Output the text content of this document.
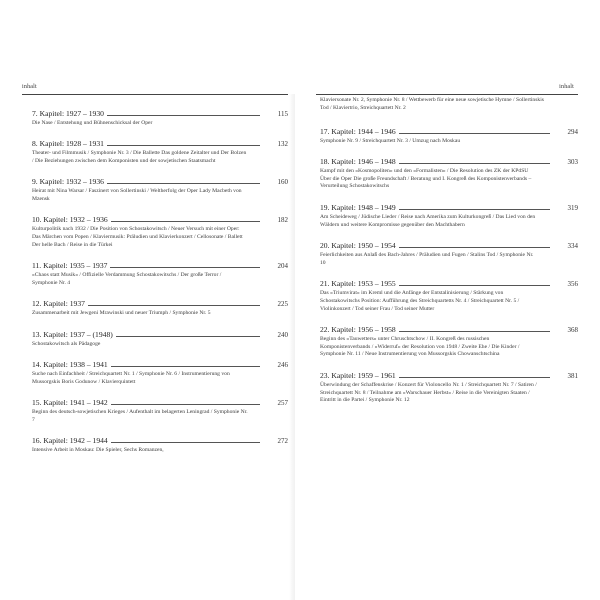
inhalt
7. Kapitel: 1927 – 1930	115
Die Nase / Entstehung und Bühnenschicksal der Oper
8. Kapitel: 1928 – 1931	132
Theater- und Filmmusik / Symphonie Nr. 3 / Die Ballette Das goldene Zeitalter und Der Bolzen / Die Beziehungen zwischen dem Komponisten und der sowjetischen Staatsmacht
9. Kapitel: 1932 – 1936	160
Heirat mit Nina Warsar / Faszinert von Sollertinski / Weltherfolg der Oper Lady Macbeth von Mzensk
10. Kapitel: 1932 – 1936	182
Kulturpolitik nach 1932 / Die Position von Schostakowitsch / Neuer Versuch mit einer Oper: Das Märchen vom Popen / Klaviermusik: Präludien und Klavierkonzert / Cellosonate / Ballett Der helle Bach / Reise in die Türkei
11. Kapitel: 1935 – 1937	204
»Chaos statt Musik« / Offizielle Verdammung Schostakowitschs / Der große Terror / Symphonie Nr. 4
12. Kapitel: 1937	225
Zusammenarbeit mit Jewgeni Mrawinski und neuer Triumph / Symphonie Nr. 5
13. Kapitel: 1937 – (1948)	240
Schostakowitsch als Pädagoge
14. Kapitel: 1938 – 1941	246
Suche nach Einfachheit / Streichquartett Nr. 1 / Symphonie Nr. 6 / Instrumentierung von Mussorgskis Boris Godunow / Klavierquintett
15. Kapitel: 1941 – 1942	257
Beginn des deutsch-sowjetischen Krieges / Aufenthalt im belagerten Leningrad / Symphonie Nr. 7
16. Kapitel: 1942 – 1944	272
Intensive Arbeit in Moskau: Die Spieler, Sechs Romanzen,
inhalt
Klaviersonate Nr. 2, Symphonie Nr. 8 / Wettbewerb für eine neue sowjetische Hymne / Sollertinskis Tod / Klaviertrio, Streichquartett Nr. 2
17. Kapitel: 1944 – 1946	294
Symphonie Nr. 9 / Streichquartett Nr. 3 / Umzug nach Moskau
18. Kapitel: 1946 – 1948	303
Kampf mit den »Kosmopoliten« und den »Formalisten« / Die Resolution des ZK der KPdSU Über die Oper Die große Freundschaft / Beratung und I. Kongreß des Komponistenverbands – Verurteilung Schostakowitschs
19. Kapitel: 1948 – 1949	319
Am Scheideweg / Jüdische Lieder / Reise nach Amerika zum Kulturkongreß / Das Lied von den Wäldern und weitere Kompromisse gegenüber den Machthabern
20. Kapitel: 1950 – 1954	334
Feierlichkeiten aus Anlaß des Bach-Jahres / Präludien und Fugen / Stalins Tod / Symphonie Nr. 10
21. Kapitel: 1953 – 1955	356
Das »Triumvirat« im Kreml und die Anfänge der Entstalinisierung / Stärkung von Schostakowitschs Position: Aufführung des Streichquartetts Nr. 4 / Streichquartett Nr. 5 / Violinkonzert / Tod seiner Frau / Tod seiner Mutter
22. Kapitel: 1956 – 1958	368
Beginn des »Tauwetters« unter Chruschtschow / II. Kongreß des russischen Komponistenverbands / »Widerruf« der Resolution von 1948 / Zweite Ehe / Die Kinder / Symphonie Nr. 11 / Neue Instrumentierung von Mussorgskis Chowanschtschina
23. Kapitel: 1959 – 1961	381
Überwindung der Schaffenskrise / Konzert für Violoncello Nr. 1 / Streichquartett Nr. 7 / Satiren / Streichquartett Nr. 8 / Teilnahme am »Warschauer Herbst« / Reise in die Vereinigten Staaten / Eintritt in die Partei / Symphonie Nr. 12
